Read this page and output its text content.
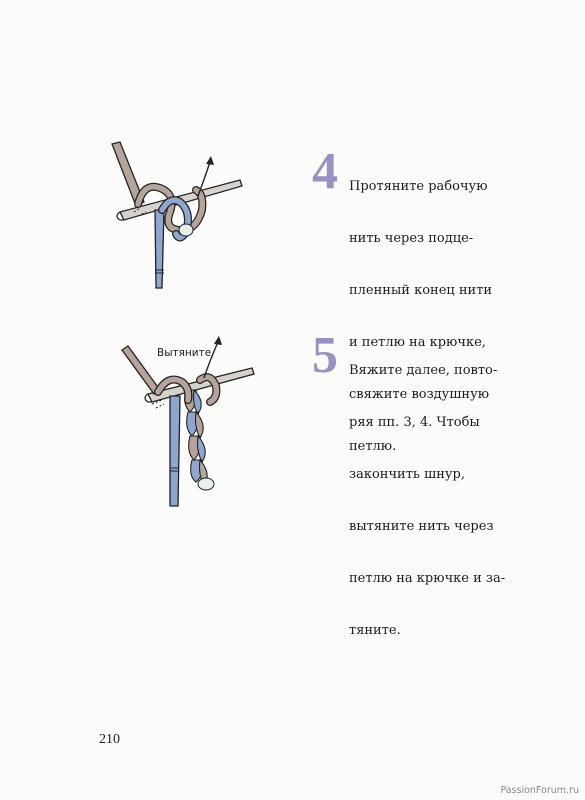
4 Протяните рабочую

нить через подце-

пленный конец нити

и петлю на крючке,

свяжите воздушную

петлю.

Вытяните 5 Вяжите далее, повто-

ряя пп. 3, 4. Чтобы

закончить шнур,

вытяните нить через

петлю на крючке и за-

тяните.

210
PassionForum.ru
